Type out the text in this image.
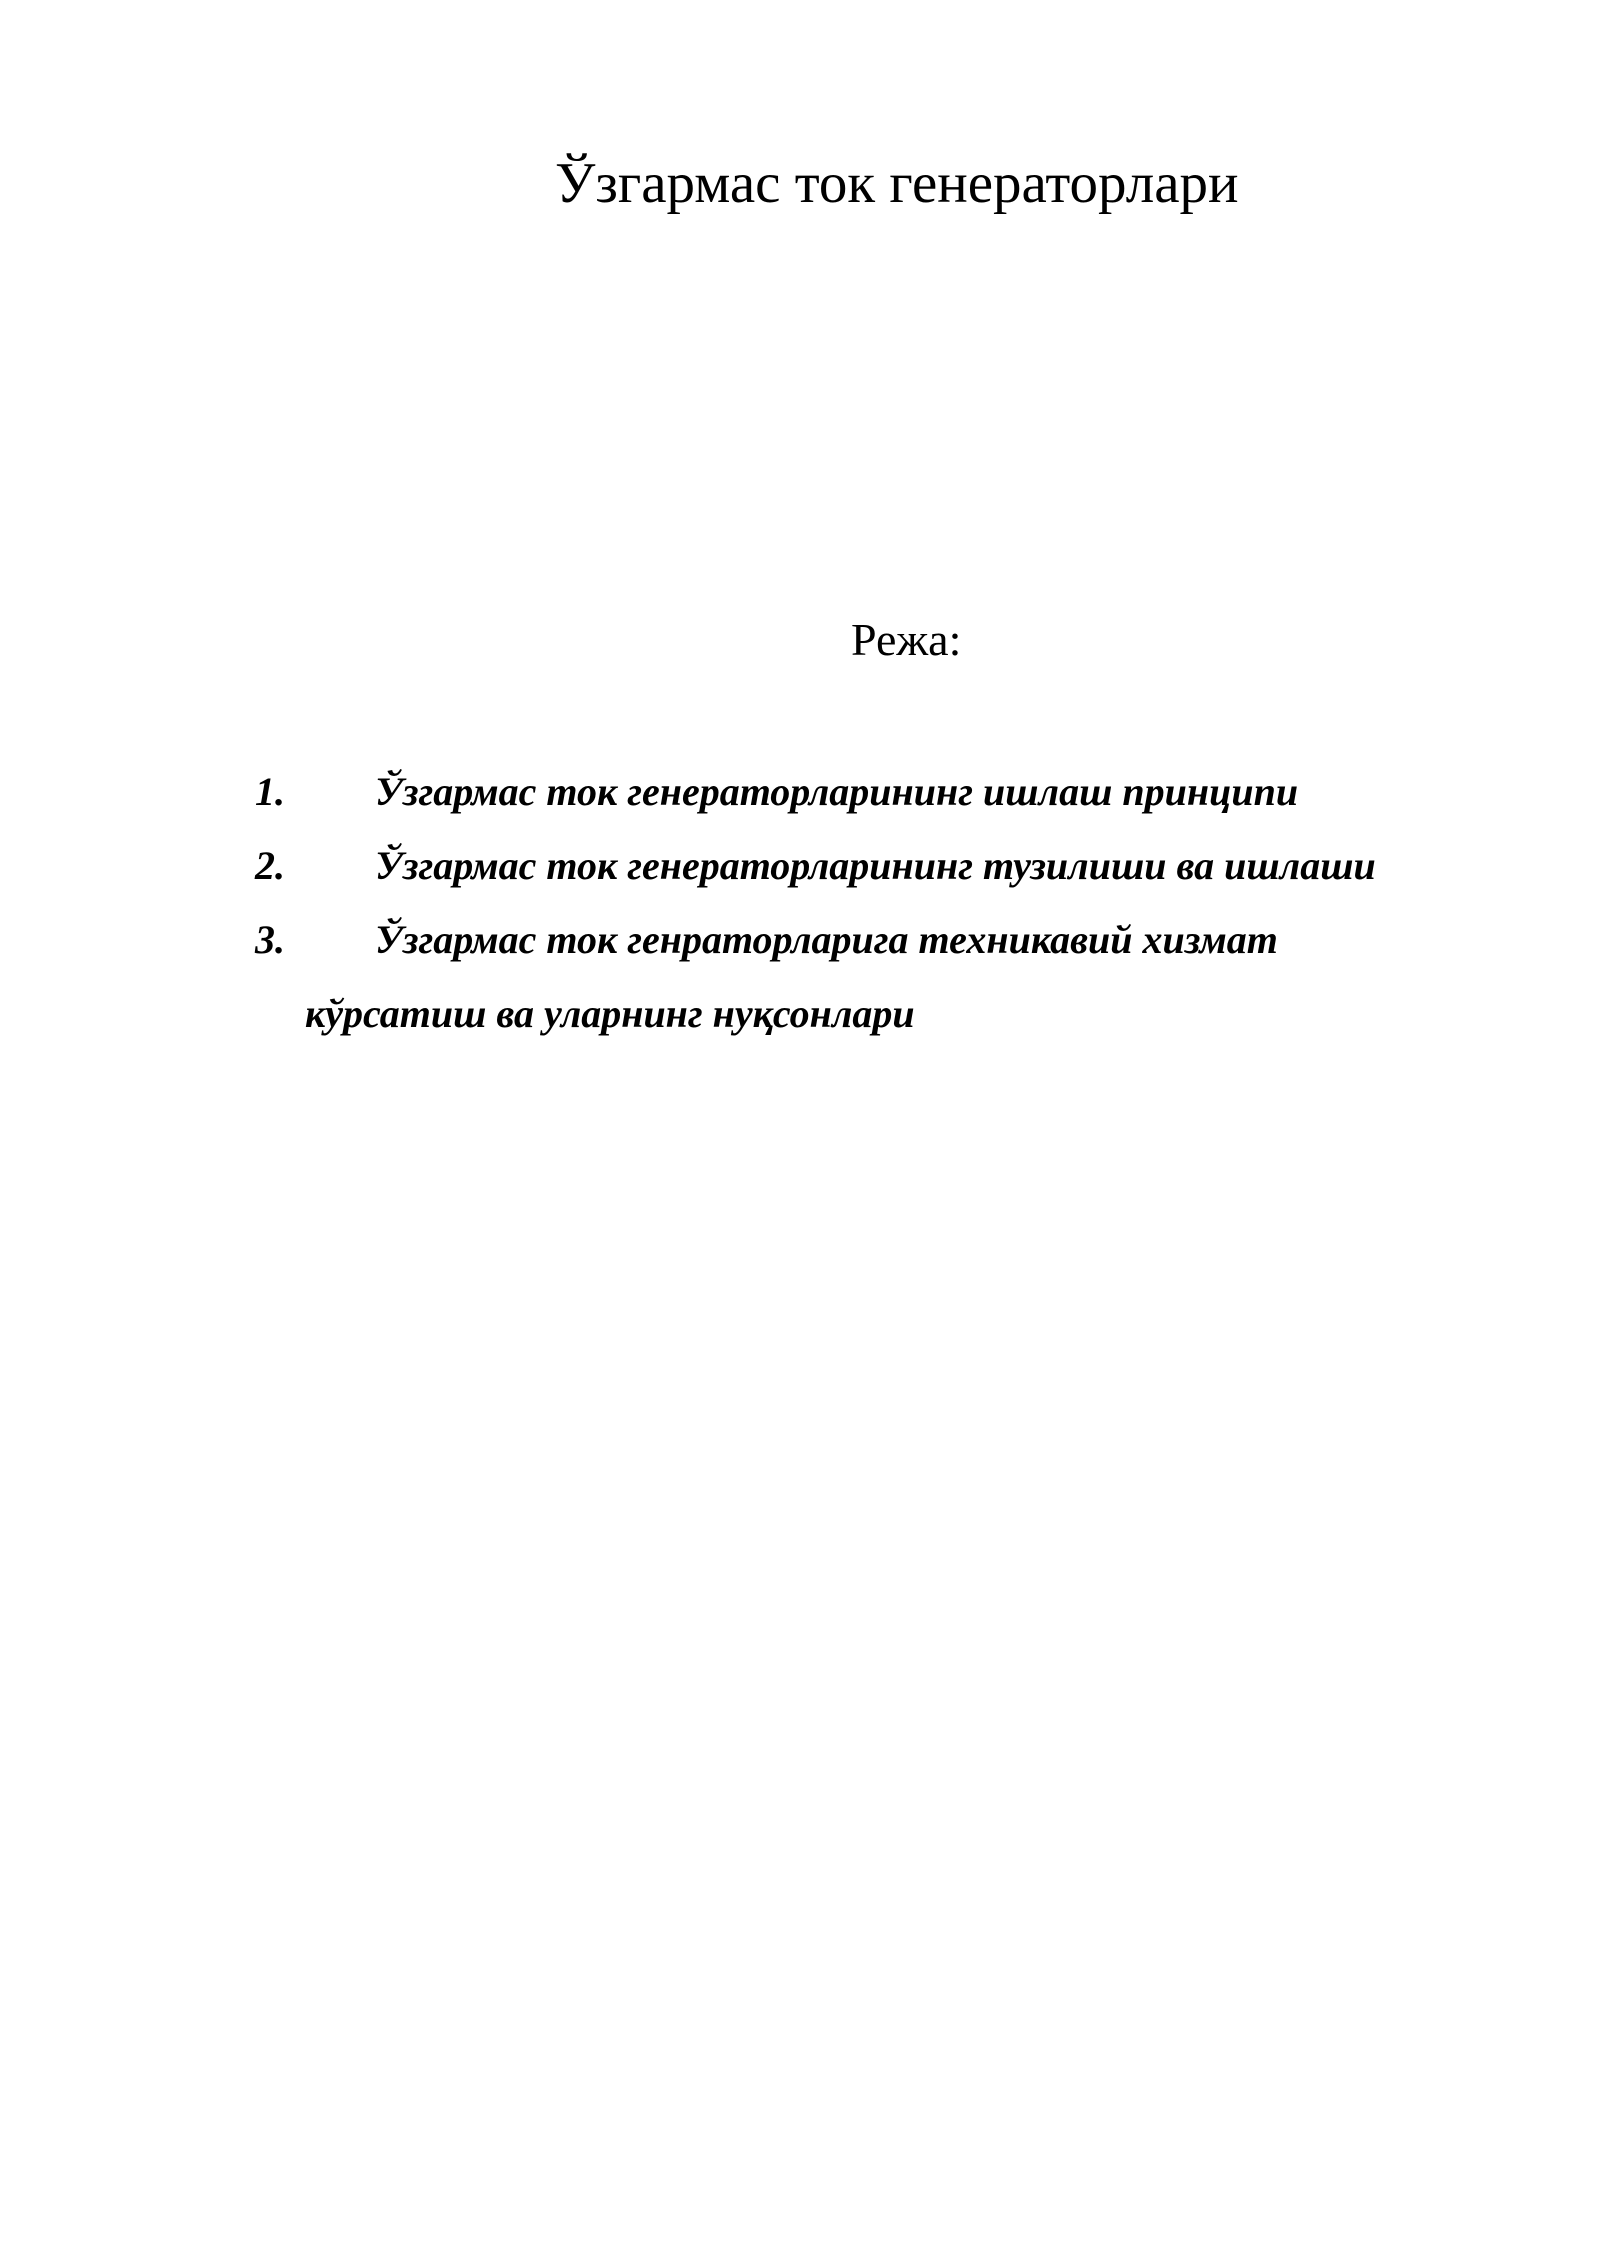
Ўзгармас ток генераторлари
Режа:
1. Ўзгармас ток генераторларининг ишлаш принципи
2. Ўзгармас ток генераторларининг тузилиши ва ишлаши
3. Ўзгармас ток генраторларига техникавий хизмат
кўрсатиш ва уларнинг нуқсонлари
